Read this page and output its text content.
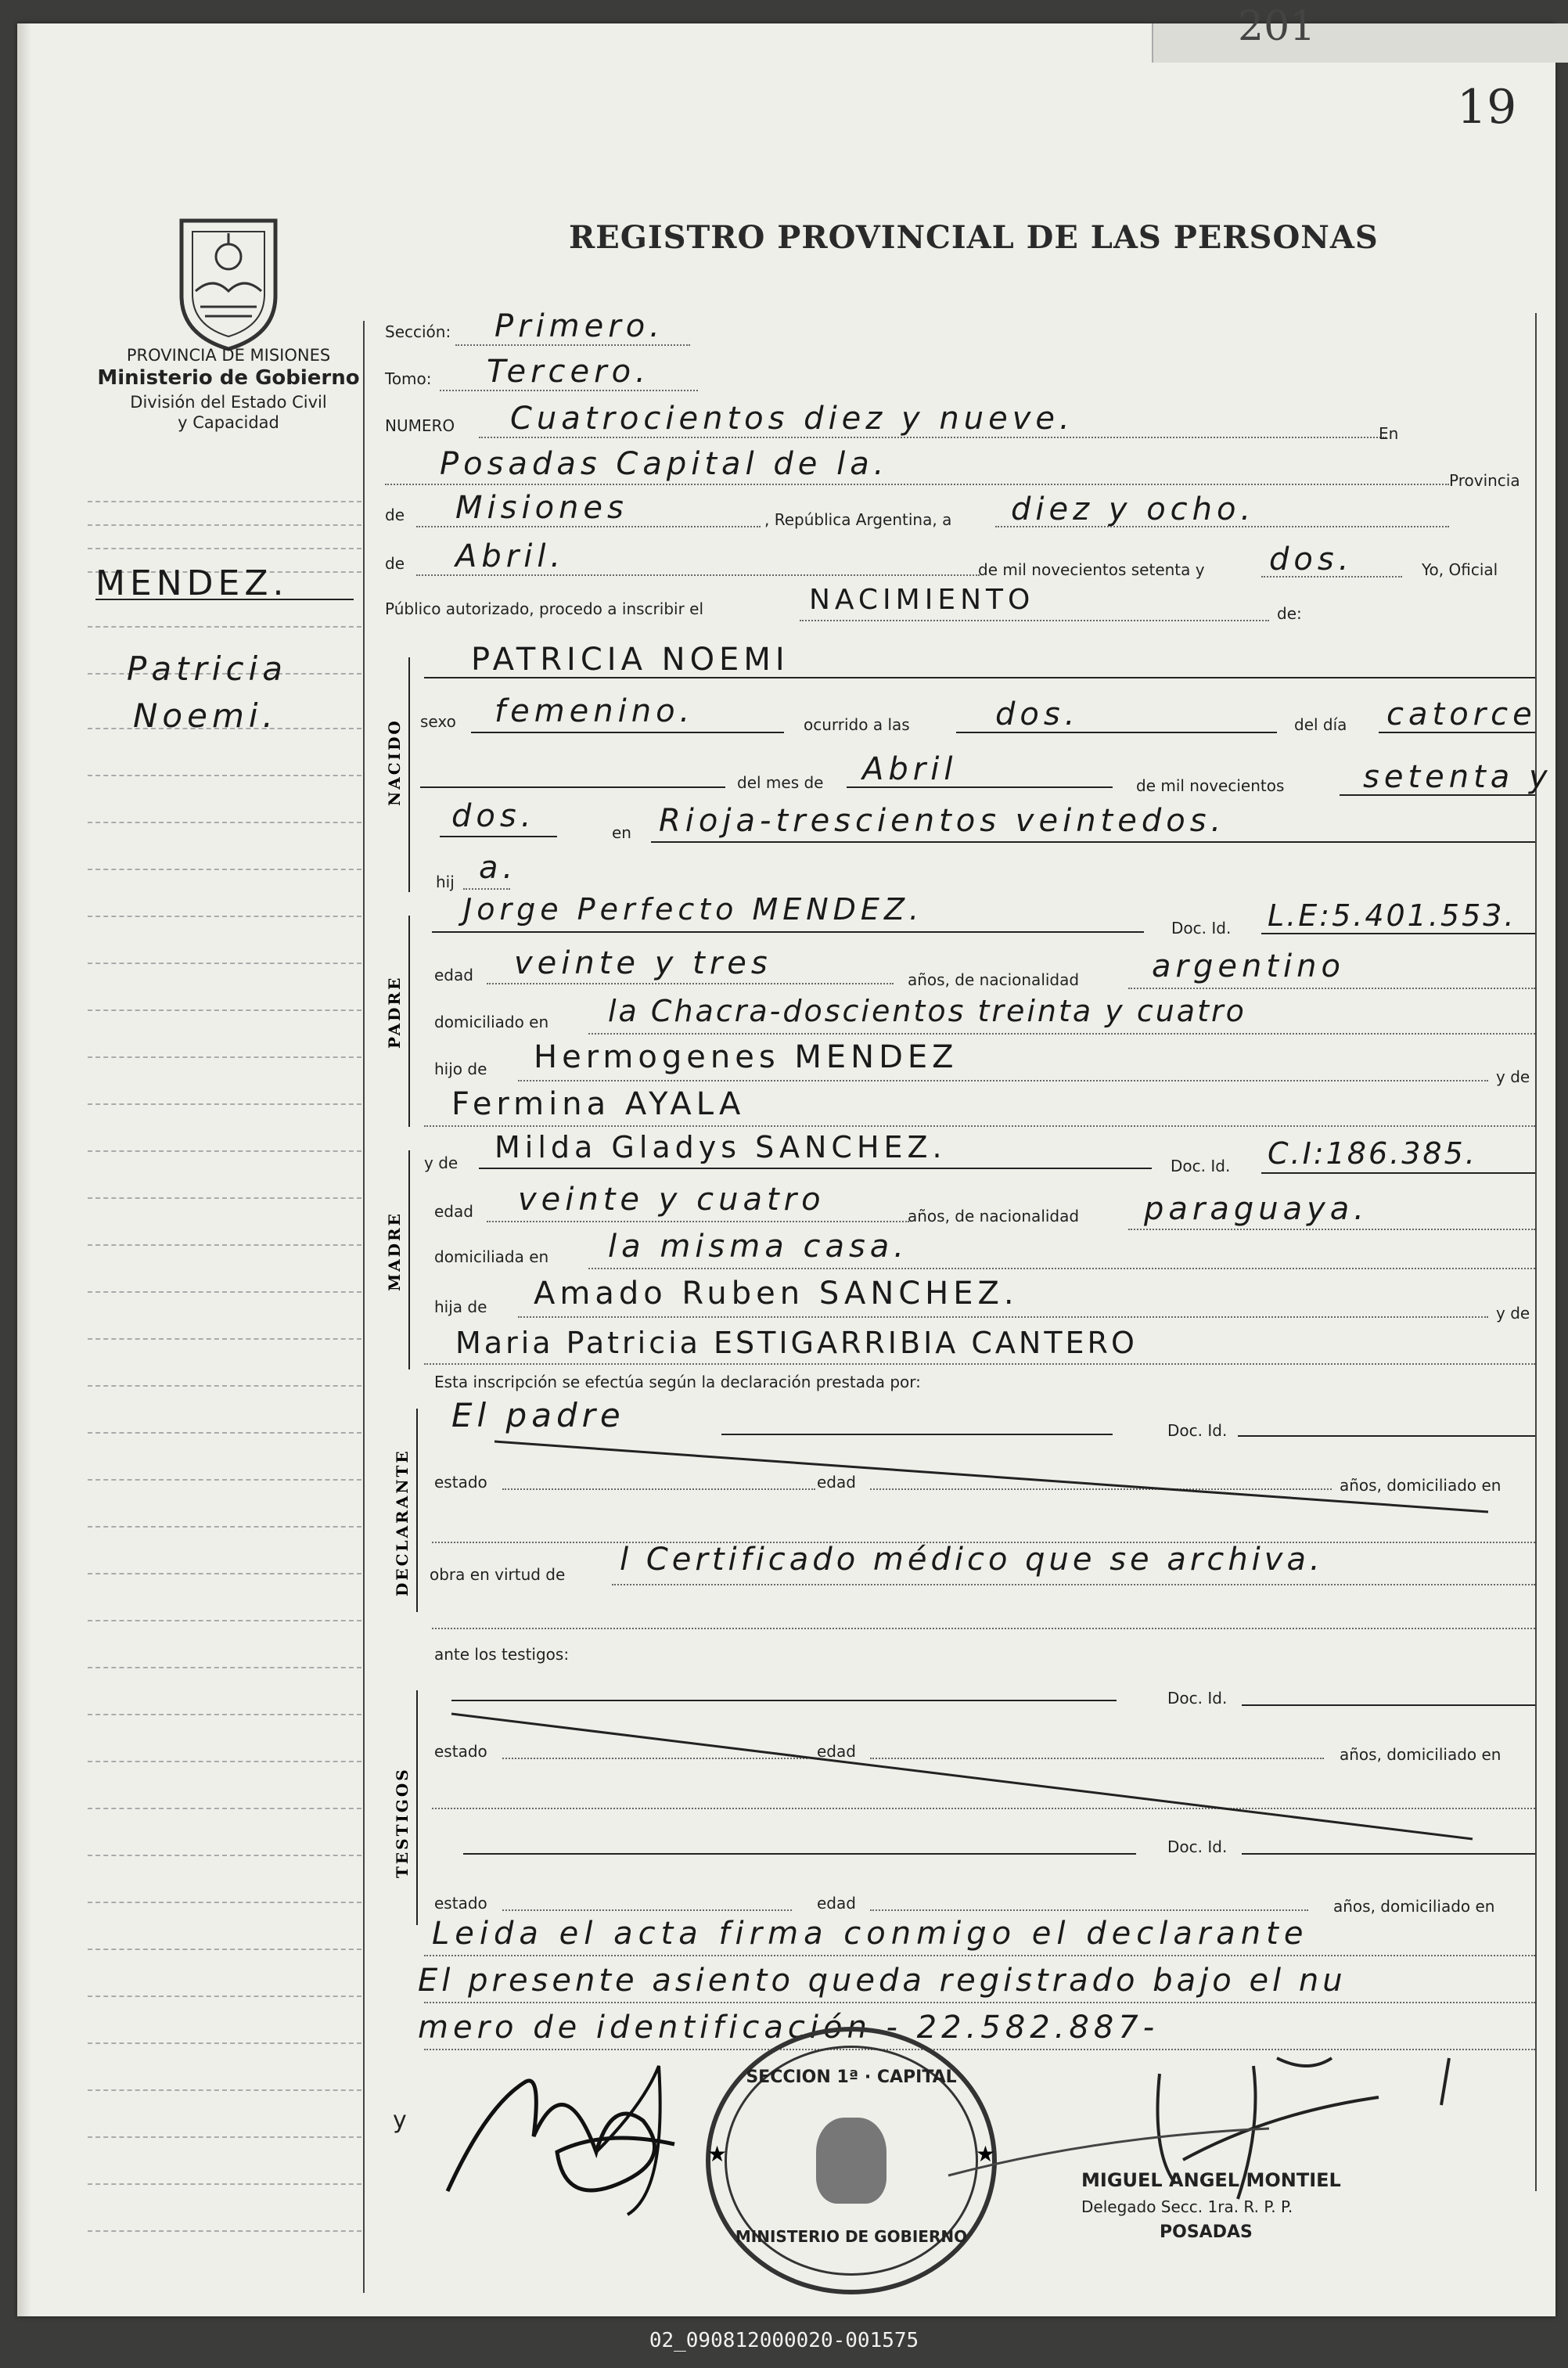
201
19
REGISTRO PROVINCIAL DE LAS PERSONAS
PROVINCIA DE MISIONES
Ministerio de Gobierno
División del Estado Civil
y Capacidad
MENDEZ.
Patricia
Noemi.
Sección: Primero.
Tomo: Tercero.
NUMERO Cuatrocientos diez y nueve.	En
Posadas Capital de la.	Provincia
de Misiones	, República Argentina, a diez y ocho.
de Abril.	de mil novecientos setenta y dos.	Yo, Oficial
Público autorizado, procedo a inscribir el	NACIMIENTO	de:
NACIDO
PATRICIA NOEMI
sexo femenino.	ocurrido a las	dos.	del día catorce
del mes de Abril	de mil novecientos	setenta y
dos.	en Rioja-trescientos veintedos.
hij a.
PADRE
Jorge Perfecto MENDEZ.
Doc. Id. L.E:5.401.553.
edad veinte y tres	años, de nacionalidad argentino
domiciliado en la Chacra-doscientos treinta y cuatro
hijo de Hermogenes MENDEZ
y de
Fermina AYALA
MADRE
y de Milda Gladys SANCHEZ.
Doc. Id. C.I:186.385.
edad veinte y cuatro	años, de nacionalidad paraguaya.
domiciliada en la misma casa.
hija de Amado Ruben SANCHEZ.
y de
Maria Patricia ESTIGARRIBIA CANTERO
Esta inscripción se efectúa según la declaración prestada por:
DECLARANTE
El padre	Doc. Id.
estado	edad	años, domiciliado en
obra en virtud de l Certificado médico que se archiva.
ante los testigos:
TESTIGOS
Doc. Id.
estado	edad	años, domiciliado en
Doc. Id.
estado	edad	años, domiciliado en
Leida el acta firma conmigo el declarante
El presente asiento queda registrado bajo el nu
mero de identificación - 22.582.887-
y
SECCION 1ª · CAPITAL
MINISTERIO DE GOBIERNO
★	★
MIGUEL ANGEL MONTIEL
Delegado Secc. 1ra. R. P. P.
POSADAS
02_090812000020-001575
